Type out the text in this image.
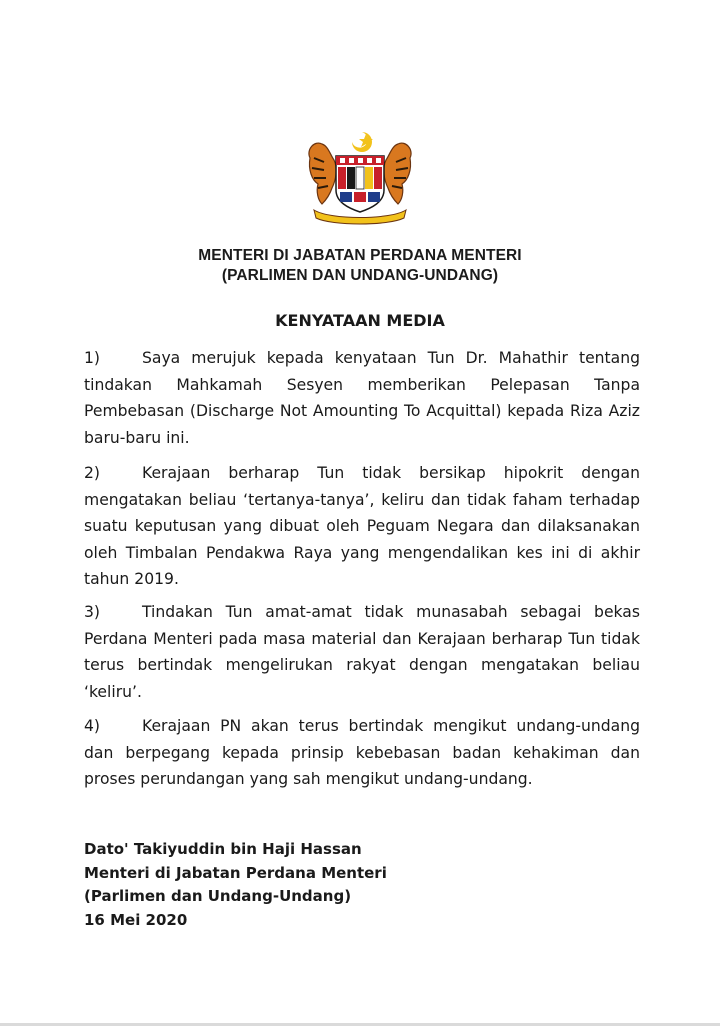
MENTERI DI JABATAN PERDANA MENTERI
(PARLIMEN DAN UNDANG-UNDANG)
KENYATAAN MEDIA
1)	Saya merujuk kepada kenyataan Tun Dr. Mahathir tentang tindakan Mahkamah Sesyen memberikan Pelepasan Tanpa Pembebasan (Discharge Not Amounting To Acquittal) kepada Riza Aziz baru-baru ini.
2)	Kerajaan berharap Tun tidak bersikap hipokrit dengan mengatakan beliau ‘tertanya-tanya’, keliru dan tidak faham terhadap suatu keputusan yang dibuat oleh Peguam Negara dan dilaksanakan oleh Timbalan Pendakwa Raya yang mengendalikan kes ini di akhir tahun 2019.
3)	Tindakan Tun amat-amat tidak munasabah sebagai bekas Perdana Menteri pada masa material dan Kerajaan berharap Tun tidak terus bertindak mengelirukan rakyat dengan mengatakan beliau ‘keliru’.
4)	Kerajaan PN akan terus bertindak mengikut undang-undang dan berpegang kepada prinsip kebebasan badan kehakiman dan proses perundangan yang sah mengikut undang-undang.
Dato' Takiyuddin bin Haji Hassan
Menteri di Jabatan Perdana Menteri
(Parlimen dan Undang-Undang)
16 Mei 2020
